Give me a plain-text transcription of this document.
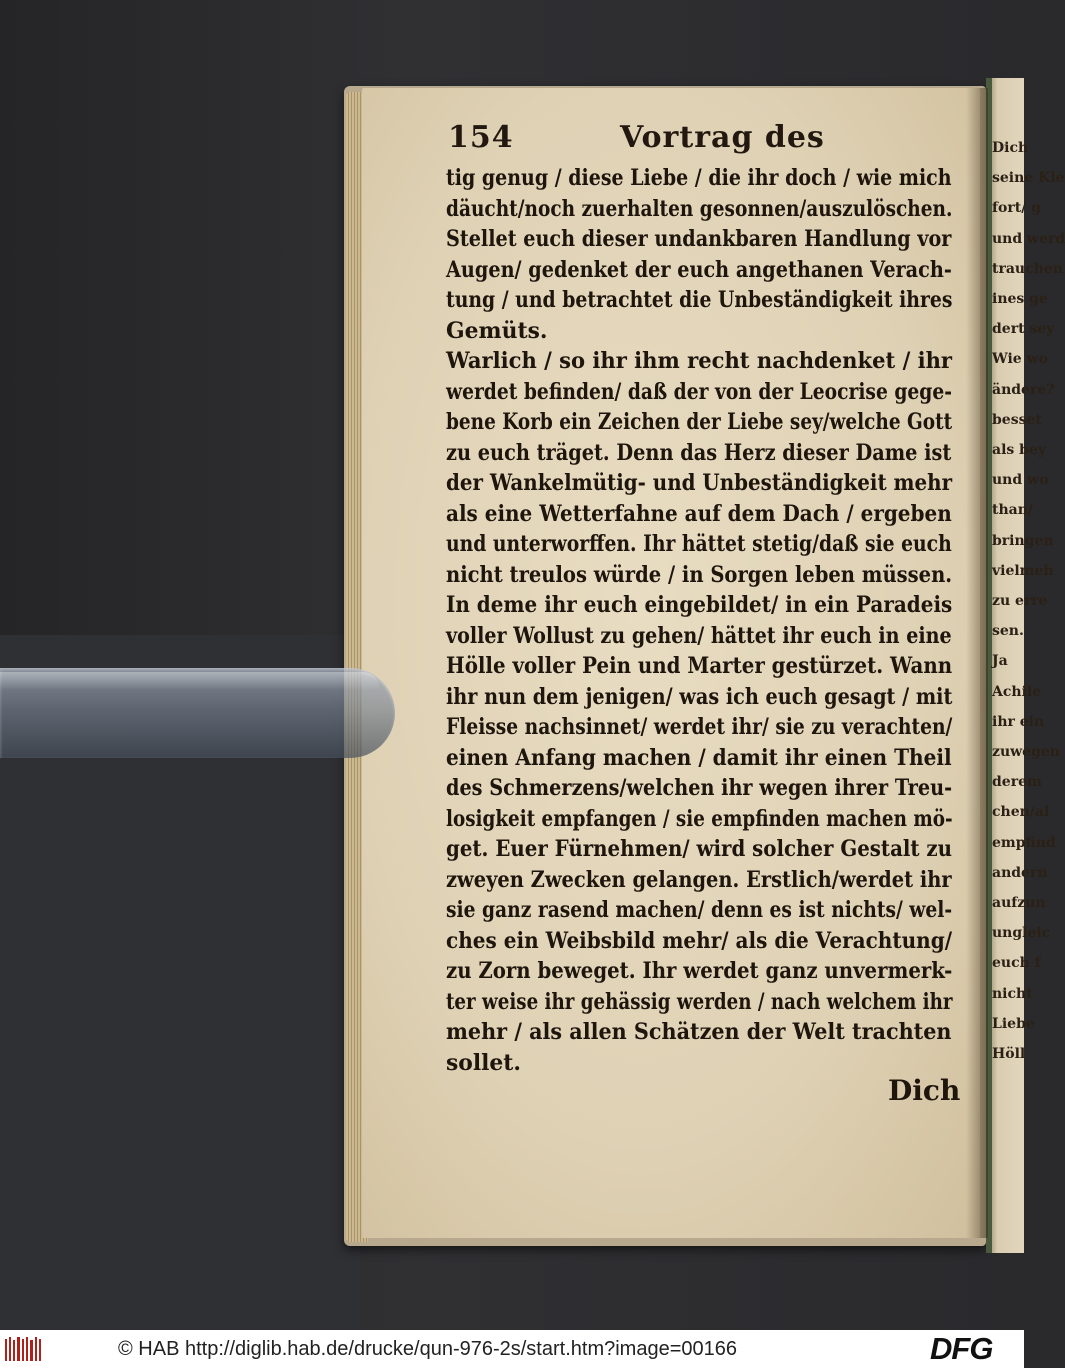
Dich
seine Kle
fort/ g
und werd
trauchen
ines ge
dert sey
Wie wo
ändere?
besset
als bey
und wo
than/
bringen
vielmeh
zu erre
sen.
Ja
Achile
ihr ein
zuwegen
derem
chen/al
empfind
andern
aufzun
ungleic
euch f
nicht
Liebe
Höll
154	Vortrag des
tig genug / diese Liebe / die ihr doch / wie mich
däucht/noch zuerhalten gesonnen/auszulöschen.
Stellet euch dieser undankbaren Handlung vor
Augen/ gedenket der euch angethanen Verach-
tung / und betrachtet die Unbeständigkeit ihres
Gemüts.
Warlich / so ihr ihm recht nachdenket / ihr
werdet befinden/ daß der von der Leocrise gege-
bene Korb ein Zeichen der Liebe sey/welche Gott
zu euch träget. Denn das Herz dieser Dame ist
der Wankelmütig- und Unbeständigkeit mehr
als eine Wetterfahne auf dem Dach / ergeben
und unterworffen. Ihr hättet stetig/daß sie euch
nicht treulos würde / in Sorgen leben müssen.
In deme ihr euch eingebildet/ in ein Paradeis
voller Wollust zu gehen/ hättet ihr euch in eine
Hölle voller Pein und Marter gestürzet. Wann
ihr nun dem jenigen/ was ich euch gesagt / mit
Fleisse nachsinnet/ werdet ihr/ sie zu verachten/
einen Anfang machen / damit ihr einen Theil
des Schmerzens/welchen ihr wegen ihrer Treu-
losigkeit empfangen / sie empfinden machen mö-
get. Euer Fürnehmen/ wird solcher Gestalt zu
zweyen Zwecken gelangen. Erstlich/werdet ihr
sie ganz rasend machen/ denn es ist nichts/ wel-
ches ein Weibsbild mehr/ als die Verachtung/
zu Zorn beweget. Ihr werdet ganz unvermerk-
ter weise ihr gehässig werden / nach welchem ihr
mehr / als allen Schätzen der Welt trachten
sollet.
Dich
© HAB http://diglib.hab.de/drucke/qun-976-2s/start.htm?image=00166	DFG
